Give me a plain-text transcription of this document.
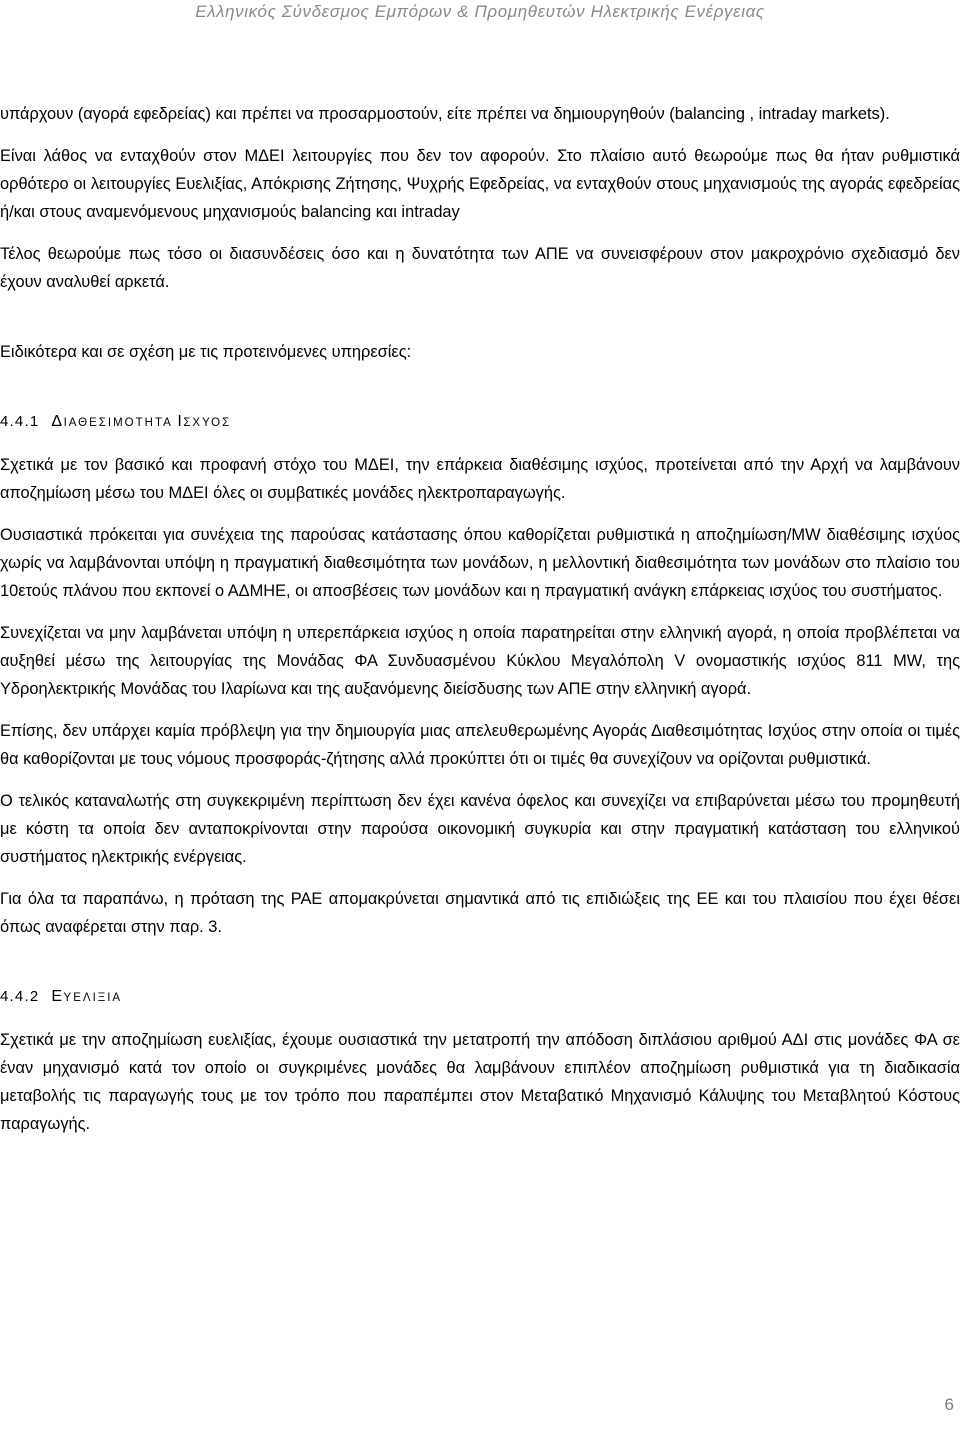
Ελληνικός Σύνδεσμος Εμπόρων & Προμηθευτών Ηλεκτρικής Ενέργειας

υπάρχουν (αγορά εφεδρείας) και πρέπει να προσαρμοστούν, είτε πρέπει να δημιουργηθούν (balancing , intraday markets).

Είναι λάθος να ενταχθούν στον ΜΔΕΙ λειτουργίες που δεν τον αφορούν. Στο πλαίσιο αυτό θεωρούμε πως θα ήταν ρυθμιστικά ορθότερο οι λειτουργίες Ευελιξίας, Απόκρισης Ζήτησης, Ψυχρής Εφεδρείας, να ενταχθούν στους μηχανισμούς της αγοράς εφεδρείας ή/και στους αναμενόμενους μηχανισμούς balancing και intraday

Τέλος θεωρούμε πως τόσο οι διασυνδέσεις όσο και η δυνατότητα των ΑΠΕ να συνεισφέρουν στον μακροχρόνιο σχεδιασμό δεν έχουν αναλυθεί αρκετά.

Ειδικότερα και σε σχέση με τις προτεινόμενες υπηρεσίες:

4.4.1 ΔΙΑΘΕΣΙΜΟΤΗΤΑ ΙΣΧΥΟΣ

Σχετικά με τον βασικό και προφανή στόχο του ΜΔΕΙ, την επάρκεια διαθέσιμης ισχύος, προτείνεται από την Αρχή να λαμβάνουν αποζημίωση μέσω του ΜΔΕΙ όλες οι συμβατικές μονάδες ηλεκτροπαραγωγής.

Ουσιαστικά πρόκειται για συνέχεια της παρούσας κατάστασης όπου καθορίζεται ρυθμιστικά η αποζημίωση/MW διαθέσιμης ισχύος χωρίς να λαμβάνονται υπόψη η πραγματική διαθεσιμότητα των μονάδων, η μελλοντική διαθεσιμότητα των μονάδων στο πλαίσιο του 10ετούς πλάνου που εκπονεί ο ΑΔΜΗΕ, οι αποσβέσεις των μονάδων και η πραγματική ανάγκη επάρκειας ισχύος του συστήματος.

Συνεχίζεται να μην λαμβάνεται υπόψη η υπερεπάρκεια ισχύος η οποία παρατηρείται στην ελληνική αγορά, η οποία προβλέπεται να αυξηθεί μέσω της λειτουργίας της Μονάδας ΦΑ Συνδυασμένου Κύκλου Μεγαλόπολη V ονομαστικής ισχύος 811 MW, της Υδροηλεκτρικής Μονάδας του Ιλαρίωνα και της αυξανόμενης διείσδυσης των ΑΠΕ στην ελληνική αγορά.

Επίσης, δεν υπάρχει καμία πρόβλεψη για την δημιουργία μιας απελευθερωμένης Αγοράς Διαθεσιμότητας Ισχύος στην οποία οι τιμές θα καθορίζονται με τους νόμους προσφοράς-ζήτησης αλλά προκύπτει ότι οι τιμές θα συνεχίζουν να ορίζονται ρυθμιστικά.

Ο τελικός καταναλωτής στη συγκεκριμένη περίπτωση δεν έχει κανένα όφελος και συνεχίζει να επιβαρύνεται μέσω του προμηθευτή με κόστη τα οποία δεν ανταποκρίνονται στην παρούσα οικονομική συγκυρία και στην πραγματική κατάσταση του ελληνικού συστήματος ηλεκτρικής ενέργειας.

Για όλα τα παραπάνω, η πρόταση της ΡΑΕ απομακρύνεται σημαντικά από τις επιδιώξεις της ΕΕ και του πλαισίου που έχει θέσει όπως αναφέρεται στην παρ. 3.

4.4.2 ΕΥΕΛΙΞΙΑ

Σχετικά με την αποζημίωση ευελιξίας, έχουμε ουσιαστικά την μετατροπή την απόδοση διπλάσιου αριθμού ΑΔΙ στις μονάδες ΦΑ σε έναν μηχανισμό κατά τον οποίο οι συγκριμένες μονάδες θα λαμβάνουν επιπλέον αποζημίωση ρυθμιστικά για τη διαδικασία μεταβολής τις παραγωγής τους με τον τρόπο που παραπέμπει στον Μεταβατικό Μηχανισμό Κάλυψης του Μεταβλητού Κόστους παραγωγής.

6
